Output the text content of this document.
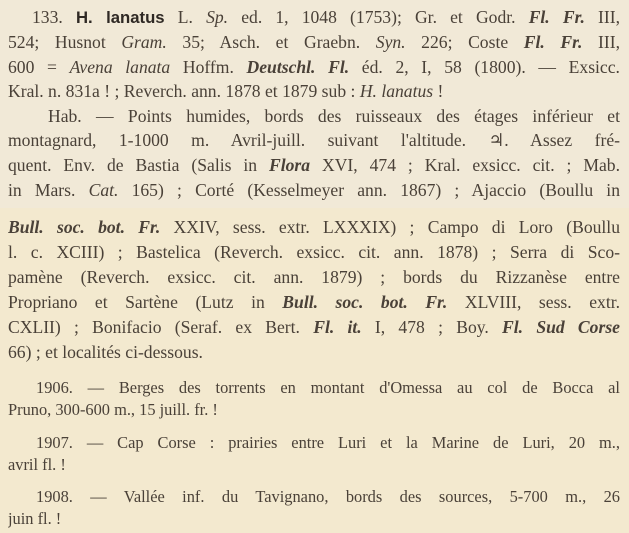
133. H. lanatus L. Sp. ed. 1, 1048 (1753); Gr. et Godr. Fl. Fr. III,
524; Husnot Gram. 35; Asch. et Graebn. Syn. 226; Coste Fl. Fr. III,
600 = Avena lanata Hoffm. Deutschl. Fl. éd. 2, I, 58 (1800). — Exsicc.
Kral. n. 831a ! ; Reverch. ann. 1878 et 1879 sub : H. lanatus !
Hab. — Points humides, bords des ruisseaux des étages inférieur et
montagnard, 1-1000 m. Avril-juill. suivant l'altitude. ♃. Assez fré-
quent. Env. de Bastia (Salis in Flora XVI, 474 ; Kral. exsicc. cit. ; Mab.
in Mars. Cat. 165) ; Corté (Kesselmeyer ann. 1867) ; Ajaccio (Boullu in
Bull. soc. bot. Fr. XXIV, sess. extr. LXXXIX) ; Campo di Loro (Boullu
l. c. XCIII) ; Bastelica (Reverch. exsicc. cit. ann. 1878) ; Serra di Sco-
pamène (Reverch. exsicc. cit. ann. 1879) ; bords du Rizzanèse entre
Propriano et Sartène (Lutz in Bull. soc. bot. Fr. XLVIII, sess. extr.
CXLII) ; Bonifacio (Seraf. ex Bert. Fl. it. I, 478 ; Boy. Fl. Sud Corse
66) ; et localités ci-dessous.
1906. — Berges des torrents en montant d'Omessa au col de Bocca al
Pruno, 300-600 m., 15 juill. fr. !
1907. — Cap Corse : prairies entre Luri et la Marine de Luri, 20 m.,
avril fl. !
1908. — Vallée inf. du Tavignano, bords des sources, 5-700 m., 26
juin fl. !
